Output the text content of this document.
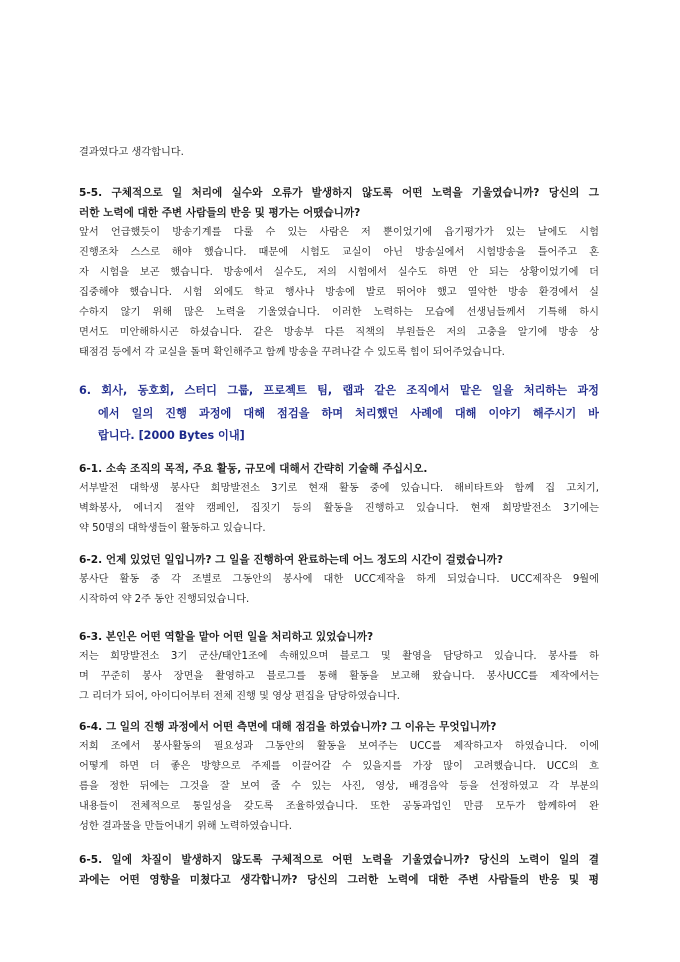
결과였다고 생각합니다.
5-5. 구체적으로 일 처리에 실수와 오류가 발생하지 않도록 어떤 노력을 기울였습니까? 당신의 그
러한 노력에 대한 주변 사람들의 반응 및 평가는 어땠습니까?
앞서 언급했듯이 방송기계를 다룰 수 있는 사람은 저 뿐이었기에 읍기평가가 있는 날에도 시험
진행조차 스스로 해야 했습니다. 때문에 시험도 교실이 아닌 방송실에서 시험방송을 틀어주고 혼
자 시험을 보곤 했습니다. 방송에서 실수도, 저의 시험에서 실수도 하면 안 되는 상황이었기에 더
집중해야 했습니다. 시험 외에도 학교 행사나 방송에 발로 뛰어야 했고 열악한 방송 환경에서 실
수하지 않기 위해 많은 노력을 기울였습니다. 이러한 노력하는 모습에 선생님들께서 기특해 하시
면서도 미안해하시곤 하셨습니다. 같은 방송부 다른 직책의 부원들은 저의 고충을 알기에 방송 상
태점검 등에서 각 교실을 돌며 확인해주고 함께 방송을 꾸려나갈 수 있도록 힘이 되어주었습니다.
6. 회사, 동호회, 스터디 그룹, 프로젝트 팀, 랩과 같은 조직에서 맡은 일을 처리하는 과정
에서 일의 진행 과정에 대해 점검을 하며 처리했던 사례에 대해 이야기 해주시기 바
랍니다. [2000 Bytes 이내]
6-1. 소속 조직의 목적, 주요 활동, 규모에 대해서 간략히 기술해 주십시오.
서부발전 대학생 봉사단 희망발전소 3기로 현재 활동 중에 있습니다. 해비타트와 함께 집 고치기,
벽화봉사, 에너지 절약 캠페인, 집짓기 등의 활동을 진행하고 있습니다. 현재 희망발전소 3기에는
약 50명의 대학생들이 활동하고 있습니다.
6-2. 언제 있었던 일입니까? 그 일을 진행하여 완료하는데 어느 정도의 시간이 걸렸습니까?
봉사단 활동 중 각 조별로 그동안의 봉사에 대한 UCC제작을 하게 되었습니다. UCC제작은 9월에
시작하여 약 2주 동안 진행되었습니다.
6-3. 본인은 어떤 역할을 맡아 어떤 일을 처리하고 있었습니까?
저는 희망발전소 3기 군산/태안1조에 속해있으며 블로그 및 촬영을 담당하고 있습니다. 봉사를 하
며 꾸준히 봉사 장면을 촬영하고 블로그를 통해 활동을 보고해 왔습니다. 봉사UCC를 제작에서는
그 리더가 되어, 아이디어부터 전체 진행 및 영상 편집을 담당하였습니다.
6-4. 그 일의 진행 과정에서 어떤 측면에 대해 점검을 하였습니까? 그 이유는 무엇입니까?
저희 조에서 봉사활동의 필요성과 그동안의 활동을 보여주는 UCC를 제작하고자 하였습니다. 이에
어떻게 하면 더 좋은 방향으로 주제를 이끌어갈 수 있을지를 가장 많이 고려했습니다. UCC의 흐
름을 정한 뒤에는 그것을 잘 보여 줄 수 있는 사진, 영상, 배경음악 등을 선정하였고 각 부분의
내용들이 전체적으로 통일성을 갖도록 조율하였습니다. 또한 공동과업인 만큼 모두가 함께하여 완
성한 결과물을 만들어내기 위해 노력하였습니다.
6-5. 일에 차질이 발생하지 않도록 구체적으로 어떤 노력을 기울였습니까? 당신의 노력이 일의 결
과에는 어떤 영향을 미쳤다고 생각합니까? 당신의 그러한 노력에 대한 주변 사람들의 반응 및 평
